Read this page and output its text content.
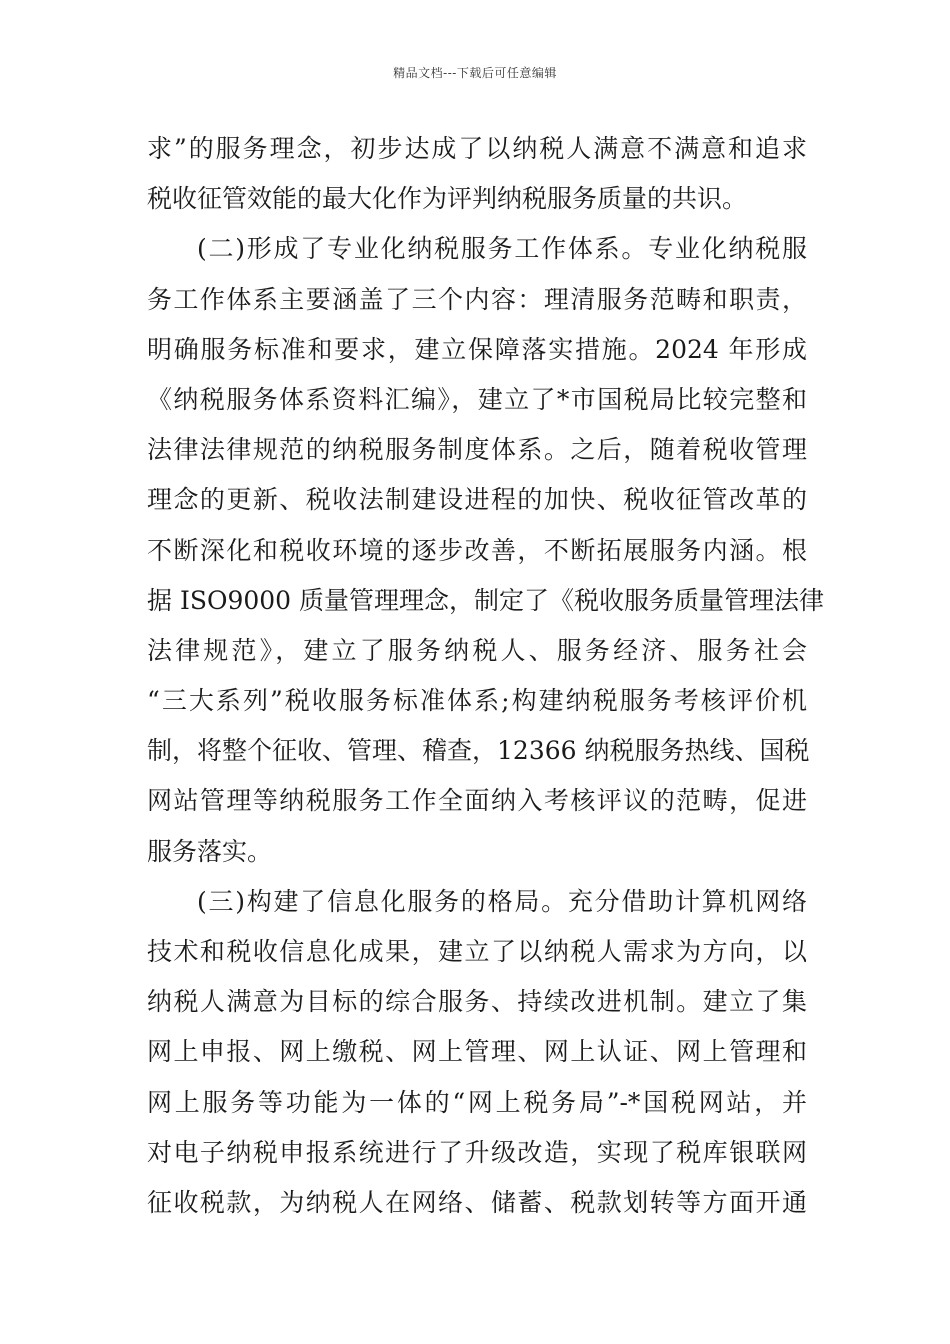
精品文档---下载后可任意编辑
求”的服务理念，初步达成了以纳税人满意不满意和追求
税收征管效能的最大化作为评判纳税服务质量的共识。
(二)形成了专业化纳税服务工作体系。专业化纳税服
务工作体系主要涵盖了三个内容：理清服务范畴和职责，
明确服务标准和要求，建立保障落实措施。2024 年形成
《纳税服务体系资料汇编》，建立了*市国税局比较完整和
法律法律规范的纳税服务制度体系。之后，随着税收管理
理念的更新、税收法制建设进程的加快、税收征管改革的
不断深化和税收环境的逐步改善，不断拓展服务内涵。根
据 ISO9000 质量管理理念，制定了《税收服务质量管理法律
法律规范》，建立了服务纳税人、服务经济、服务社会
“三大系列”税收服务标准体系;构建纳税服务考核评价机
制，将整个征收、管理、稽查，12366 纳税服务热线、国税
网站管理等纳税服务工作全面纳入考核评议的范畴，促进
服务落实。
(三)构建了信息化服务的格局。充分借助计算机网络
技术和税收信息化成果，建立了以纳税人需求为方向，以
纳税人满意为目标的综合服务、持续改进机制。建立了集
网上申报、网上缴税、网上管理、网上认证、网上管理和
网上服务等功能为一体的“网上税务局”-*国税网站，并
对电子纳税申报系统进行了升级改造，实现了税库银联网
征收税款，为纳税人在网络、储蓄、税款划转等方面开通
